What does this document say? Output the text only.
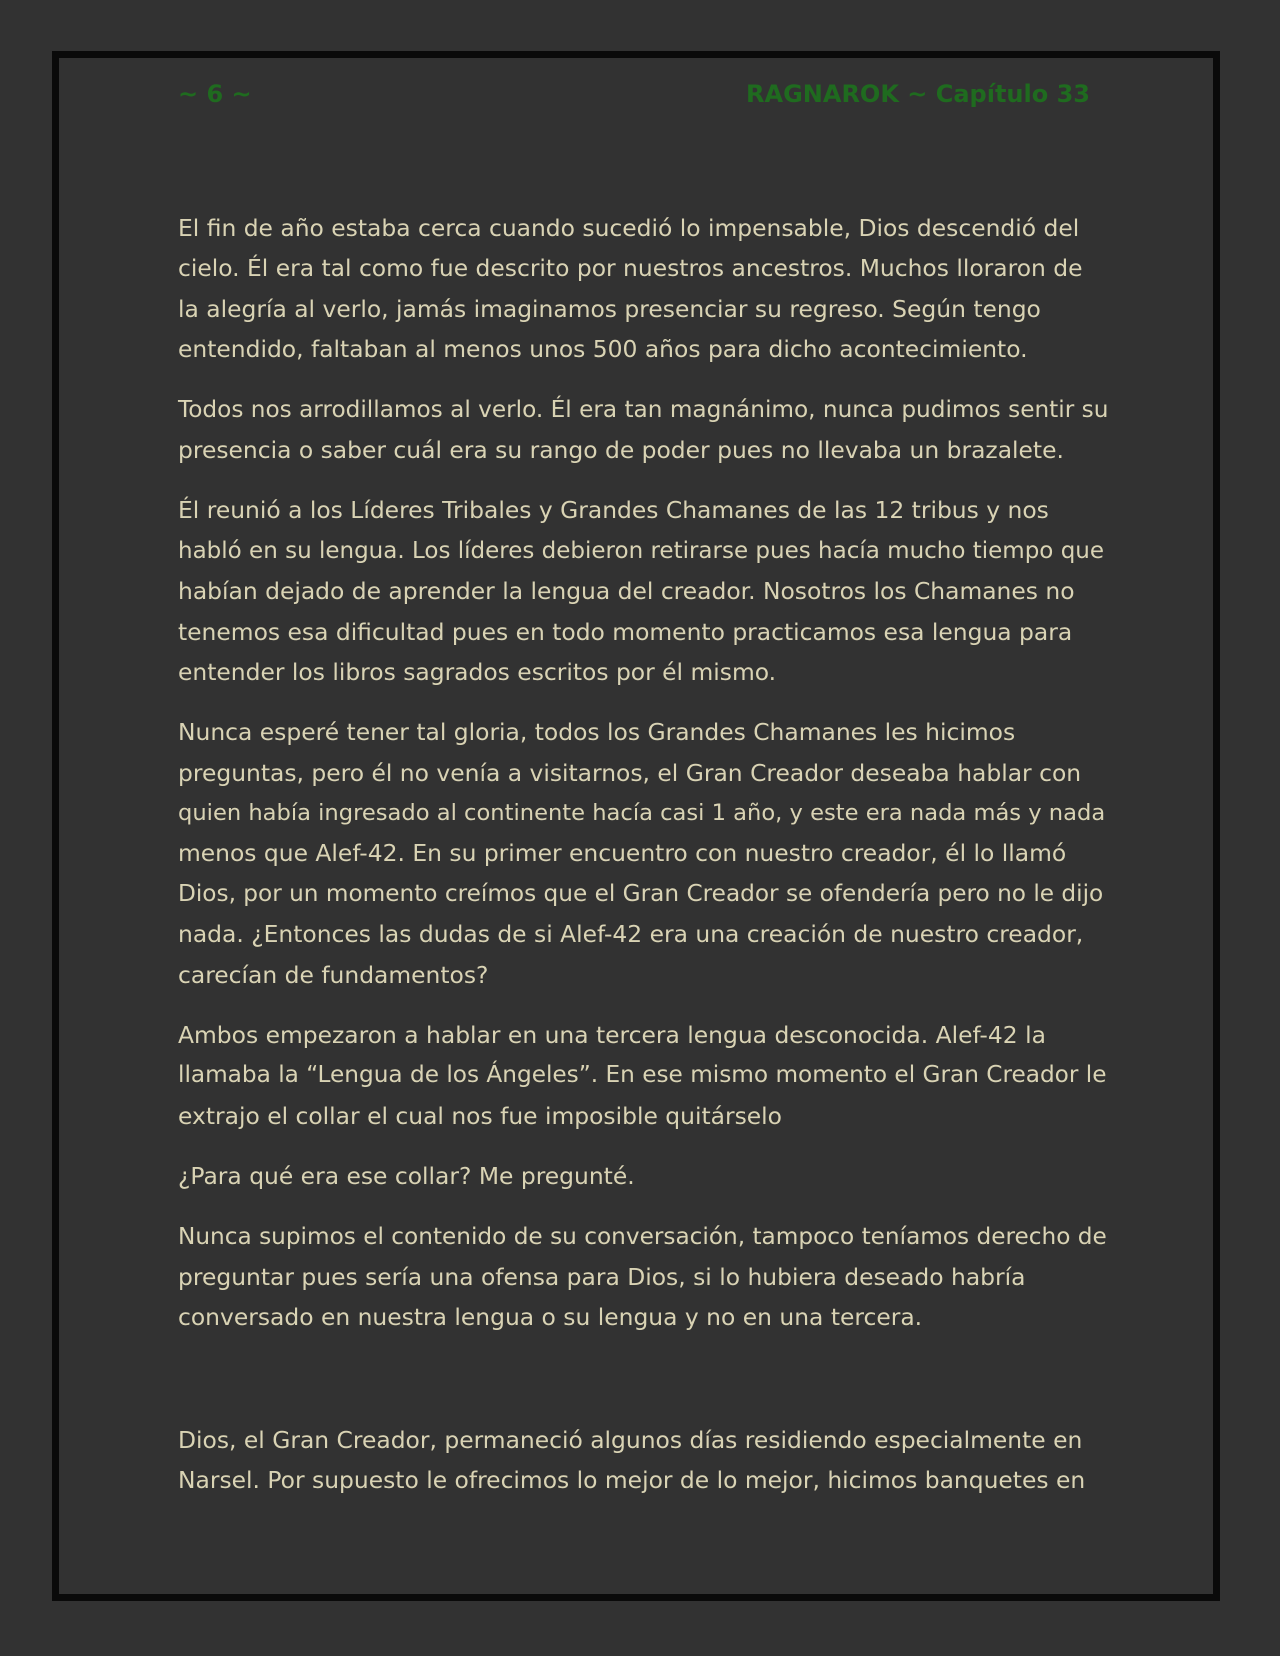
~ 6 ~	RAGNAROK ~ Capítulo 33

El fin de año estaba cerca cuando sucedió lo impensable, Dios descendió del
cielo. Él era tal como fue descrito por nuestros ancestros. Muchos lloraron de
la alegría al verlo, jamás imaginamos presenciar su regreso. Según tengo
entendido, faltaban al menos unos 500 años para dicho acontecimiento.

Todos nos arrodillamos al verlo. Él era tan magnánimo, nunca pudimos sentir su
presencia o saber cuál era su rango de poder pues no llevaba un brazalete.

Él reunió a los Líderes Tribales y Grandes Chamanes de las 12 tribus y nos
habló en su lengua. Los líderes debieron retirarse pues hacía mucho tiempo que
habían dejado de aprender la lengua del creador. Nosotros los Chamanes no
tenemos esa dificultad pues en todo momento practicamos esa lengua para
entender los libros sagrados escritos por él mismo.

Nunca esperé tener tal gloria, todos los Grandes Chamanes les hicimos
preguntas, pero él no venía a visitarnos, el Gran Creador deseaba hablar con
quien había ingresado al continente hacía casi 1 año, y este era nada más y nada
menos que Alef-42. En su primer encuentro con nuestro creador, él lo llamó
Dios, por un momento creímos que el Gran Creador se ofendería pero no le dijo
nada. ¿Entonces las dudas de si Alef-42 era una creación de nuestro creador,
carecían de fundamentos?

Ambos empezaron a hablar en una tercera lengua desconocida. Alef-42 la
llamaba la “Lengua de los Ángeles”. En ese mismo momento el Gran Creador le
extrajo el collar el cual nos fue imposible quitárselo

¿Para qué era ese collar? Me pregunté.

Nunca supimos el contenido de su conversación, tampoco teníamos derecho de
preguntar pues sería una ofensa para Dios, si lo hubiera deseado habría
conversado en nuestra lengua o su lengua y no en una tercera.

Dios, el Gran Creador, permaneció algunos días residiendo especialmente en
Narsel. Por supuesto le ofrecimos lo mejor de lo mejor, hicimos banquetes en
